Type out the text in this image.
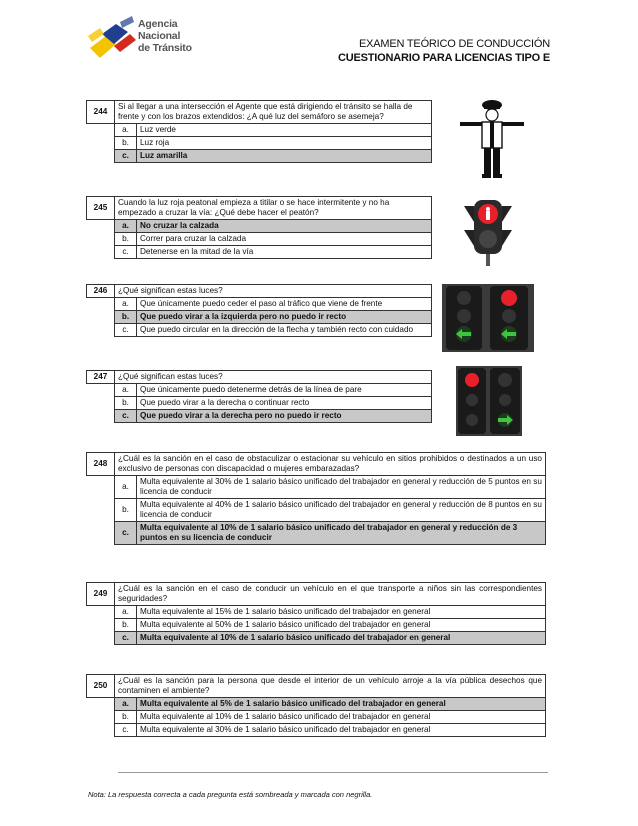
Agencia
Nacional
de Tránsito	EXAMEN TEÓRICO DE CONDUCCIÓN
CUESTIONARIO PARA LICENCIAS TIPO E
244	Si al llegar a una intersección el Agente que está dirigiendo el tránsito se halla de frente y con los brazos extendidos: ¿A qué luz del semáforo se asemeja?	
	a.	Luz verde
	b.	Luz roja
	c.	Luz amarilla
245	Cuando la luz roja peatonal empieza a titilar o se hace intermitente y no ha empezado a cruzar la vía: ¿Qué debe hacer el peatón?	
	a.	No cruzar la calzada
	b.	Correr para cruzar la calzada
	c.	Detenerse en la mitad de la vía
246	¿Qué significan estas luces?	
	a.	Que únicamente puedo ceder el paso al tráfico que viene de frente
	b.	Que puedo virar a la izquierda pero no puedo ir recto
	c.	Que puedo circular en la dirección de la flecha y también recto con cuidado
247	¿Qué significan estas luces?	
	a.	Que únicamente puedo detenerme detrás de la línea de pare
	b.	Que puedo virar a la derecha o continuar recto
	c.	Que puedo virar a la derecha pero no puedo ir recto
248	¿Cuál es la sanción en el caso de obstaculizar o estacionar su vehículo en sitios prohibidos o destinados a un uso exclusivo de personas con discapacidad o mujeres embarazadas?	
	a.	Multa equivalente al 30% de 1 salario básico unificado del trabajador en general y reducción de 5 puntos en su licencia de conducir
	b.	Multa equivalente al 40% de 1 salario básico unificado del trabajador en general y reducción de 8 puntos en su licencia de conducir
	c.	Multa equivalente al 10% de 1 salario básico unificado del trabajador en general y reducción de 3 puntos en su licencia de conducir
249	¿Cuál es la sanción en el caso de conducir un vehículo en el que transporte a niños sin las correspondientes seguridades?	
	a.	Multa equivalente al 15% de 1 salario básico unificado del trabajador en general
	b.	Multa equivalente al 50% de 1 salario básico unificado del trabajador en general
	c.	Multa equivalente al 10% de 1 salario básico unificado del trabajador en general
250	¿Cuál es la sanción para la persona que desde el interior de un vehículo arroje a la vía pública desechos que contaminen el ambiente?	
	a.	Multa equivalente al 5% de 1 salario básico unificado del trabajador en general
	b.	Multa equivalente al 10% de 1 salario básico unificado del trabajador en general
	c.	Multa equivalente al 30% de 1 salario básico unificado del trabajador en general
Nota: La respuesta correcta a cada pregunta está sombreada y marcada con negrilla.
